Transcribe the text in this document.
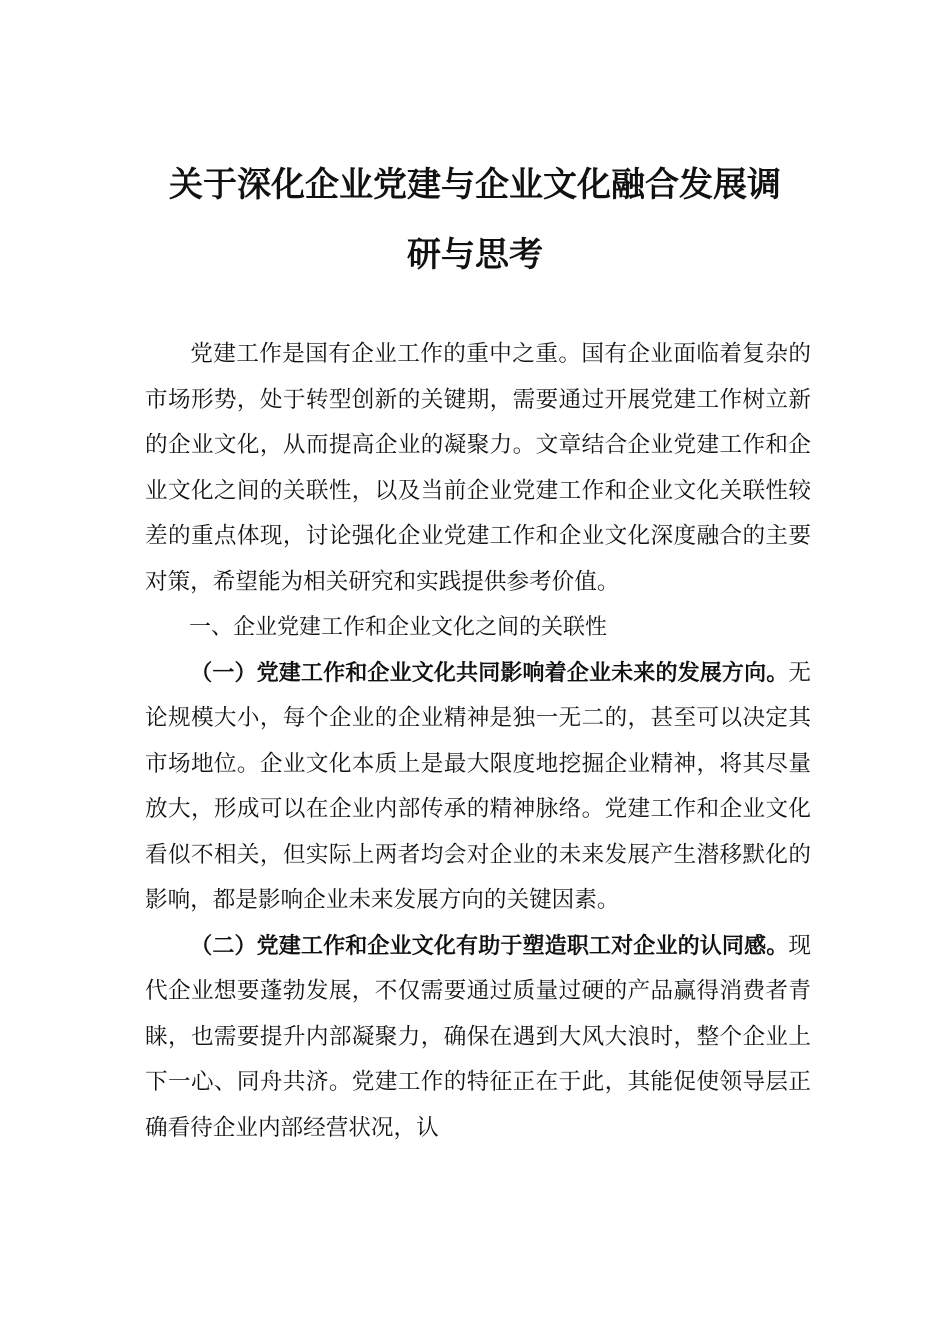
关于深化企业党建与企业文化融合发展调
研与思考

党建工作是国有企业工作的重中之重。国有企业面临着复杂的市场形势，处于转型创新的关键期，需要通过开展党建工作树立新的企业文化，从而提高企业的凝聚力。文章结合企业党建工作和企业文化之间的关联性，以及当前企业党建工作和企业文化关联性较差的重点体现，讨论强化企业党建工作和企业文化深度融合的主要对策，希望能为相关研究和实践提供参考价值。

一、企业党建工作和企业文化之间的关联性

（一）党建工作和企业文化共同影响着企业未来的发展方向。无论规模大小，每个企业的企业精神是独一无二的，甚至可以决定其市场地位。企业文化本质上是最大限度地挖掘企业精神，将其尽量放大，形成可以在企业内部传承的精神脉络。党建工作和企业文化看似不相关，但实际上两者均会对企业的未来发展产生潜移默化的影响，都是影响企业未来发展方向的关键因素。

（二）党建工作和企业文化有助于塑造职工对企业的认同感。现代企业想要蓬勃发展，不仅需要通过质量过硬的产品赢得消费者青睐，也需要提升内部凝聚力，确保在遇到大风大浪时，整个企业上下一心、同舟共济。党建工作的特征正在于此，其能促使领导层正确看待企业内部经营状况，认
